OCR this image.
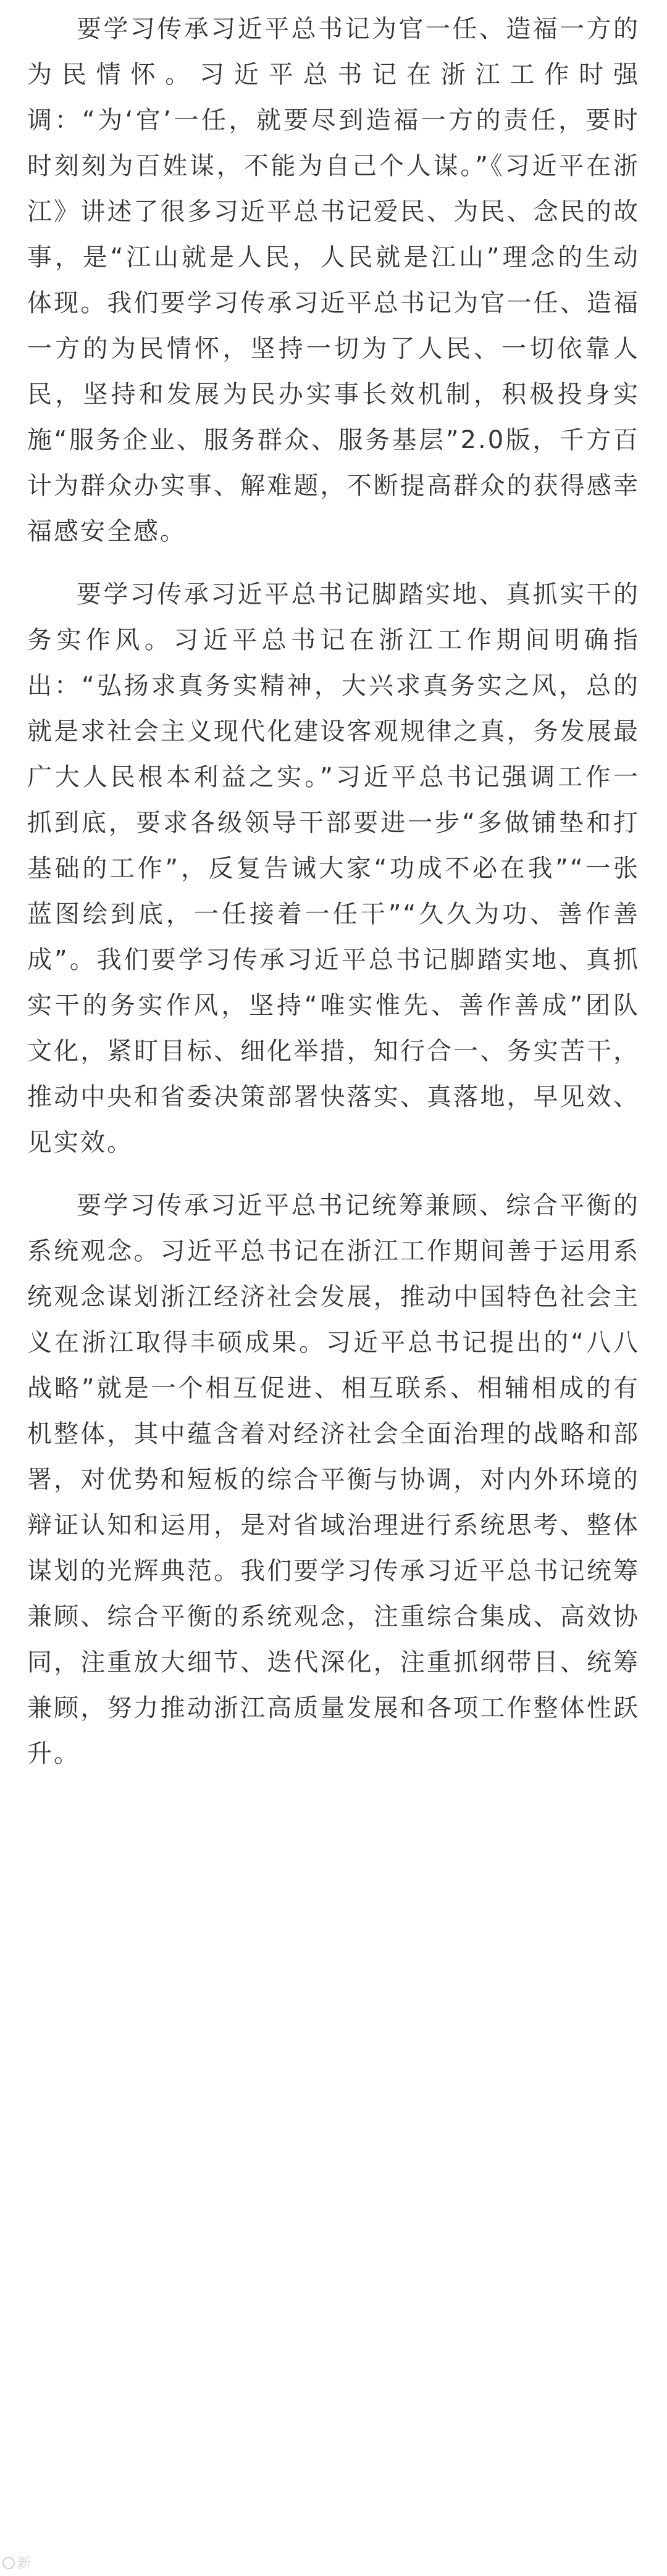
要学习传承习近平总书记为官一任、造福一方的为民情怀。习近平总书记在浙江工作时强调：“为‘官’一任，就要尽到造福一方的责任，要时时刻刻为百姓谋，不能为自己个人谋。”《习近平在浙江》讲述了很多习近平总书记爱民、为民、念民的故事，是“江山就是人民，人民就是江山”理念的生动体现。我们要学习传承习近平总书记为官一任、造福一方的为民情怀，坚持一切为了人民、一切依靠人民，坚持和发展为民办实事长效机制，积极投身实施“服务企业、服务群众、服务基层”2.0版，千方百计为群众办实事、解难题，不断提高群众的获得感幸福感安全感。

要学习传承习近平总书记脚踏实地、真抓实干的务实作风。习近平总书记在浙江工作期间明确指出：“弘扬求真务实精神，大兴求真务实之风，总的就是求社会主义现代化建设客观规律之真，务发展最广大人民根本利益之实。”习近平总书记强调工作一抓到底，要求各级领导干部要进一步“多做铺垫和打基础的工作”，反复告诫大家“功成不必在我”“一张蓝图绘到底，一任接着一任干”“久久为功、善作善成”。我们要学习传承习近平总书记脚踏实地、真抓实干的务实作风，坚持“唯实惟先、善作善成”团队文化，紧盯目标、细化举措，知行合一、务实苦干，推动中央和省委决策部署快落实、真落地，早见效、见实效。

要学习传承习近平总书记统筹兼顾、综合平衡的系统观念。习近平总书记在浙江工作期间善于运用系统观念谋划浙江经济社会发展，推动中国特色社会主义在浙江取得丰硕成果。习近平总书记提出的“八八战略”就是一个相互促进、相互联系、相辅相成的有机整体，其中蕴含着对经济社会全面治理的战略和部署，对优势和短板的综合平衡与协调，对内外环境的辩证认知和运用，是对省域治理进行系统思考、整体谋划的光辉典范。我们要学习传承习近平总书记统筹兼顾、综合平衡的系统观念，注重综合集成、高效协同，注重放大细节、迭代深化，注重抓纲带目、统筹兼顾，努力推动浙江高质量发展和各项工作整体性跃升。

新
